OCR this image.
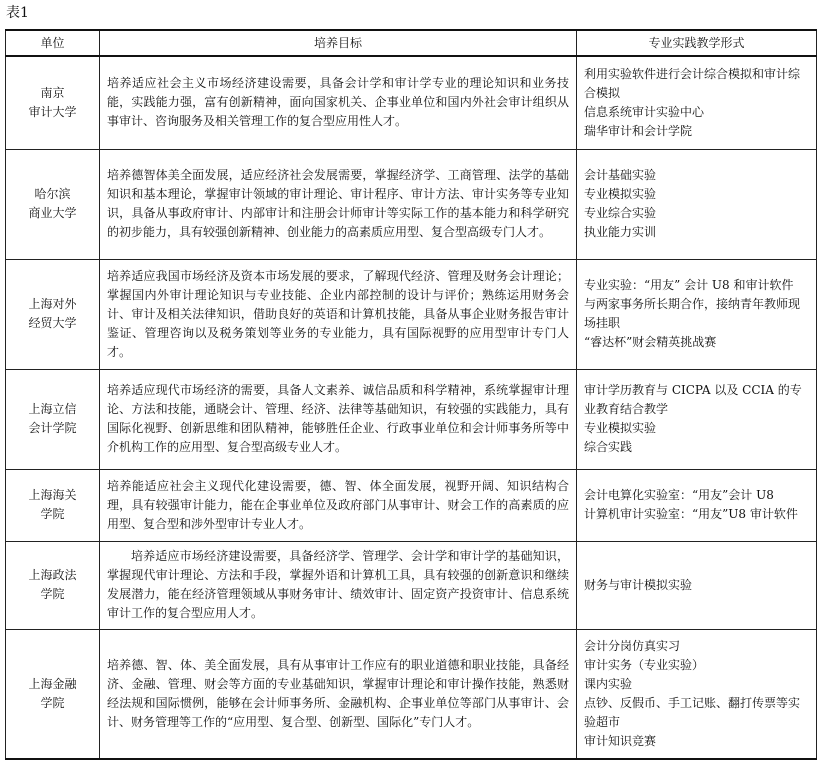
表1
单位	培养目标	专业实践教学形式

南京
审计大学	培养适应社会主义市场经济建设需要，具备会计学和审计学专业的理论知识和业务技能，实践能力强，富有创新精神，面向国家机关、企事业单位和国内外社会审计组织从事审计、咨询服务及相关管理工作的复合型应用性人才。	利用实验软件进行会计综合模拟和审计综合模拟
信息系统审计实验中心
瑞华审计和会计学院

哈尔滨
商业大学	培养德智体美全面发展，适应经济社会发展需要，掌握经济学、工商管理、法学的基础知识和基本理论，掌握审计领域的审计理论、审计程序、审计方法、审计实务等专业知识，具备从事政府审计、内部审计和注册会计师审计等实际工作的基本能力和科学研究的初步能力，具有较强创新精神、创业能力的高素质应用型、复合型高级专门人才。	会计基础实验
专业模拟实验
专业综合实验
执业能力实训

上海对外
经贸大学	培养适应我国市场经济及资本市场发展的要求，了解现代经济、管理及财务会计理论；掌握国内外审计理论知识与专业技能、企业内部控制的设计与评价；熟练运用财务会计、审计及相关法律知识，借助良好的英语和计算机技能，具备从事企业财务报告审计鉴证、管理咨询以及税务策划等业务的专业能力，具有国际视野的应用型审计专门人才。	专业实验：“用友” 会计 U8 和审计软件
与两家事务所长期合作，接纳青年教师现场挂职
“睿达杯”财会精英挑战赛

上海立信
会计学院	培养适应现代市场经济的需要，具备人文素养、诚信品质和科学精神，系统掌握审计理论、方法和技能，通晓会计、管理、经济、法律等基础知识，有较强的实践能力，具有国际化视野、创新思维和团队精神，能够胜任企业、行政事业单位和会计师事务所等中介机构工作的应用型、复合型高级专业人才。	审计学历教育与 CICPA 以及 CCIA 的专业教育结合教学
专业模拟实验
综合实践

上海海关
学院	培养能适应社会主义现代化建设需要，德、智、体全面发展，视野开阔、知识结构合理，具有较强审计能力，能在企事业单位及政府部门从事审计、财会工作的高素质的应用型、复合型和涉外型审计专业人才。	会计电算化实验室：“用友”会计 U8
计算机审计实验室：“用友”U8 审计软件

上海政法
学院	培养适应市场经济建设需要，具备经济学、管理学、会计学和审计学的基础知识，掌握现代审计理论、方法和手段，掌握外语和计算机工具，具有较强的创新意识和继续发展潜力，能在经济管理领域从事财务审计、绩效审计、固定资产投资审计、信息系统审计工作的复合型应用人才。	财务与审计模拟实验

上海金融
学院	培养德、智、体、美全面发展，具有从事审计工作应有的职业道德和职业技能，具备经济、金融、管理、财会等方面的专业基础知识，掌握审计理论和审计操作技能，熟悉财经法规和国际惯例，能够在会计师事务所、金融机构、企事业单位等部门从事审计、会计、财务管理等工作的“应用型、复合型、创新型、国际化”专门人才。	会计分岗仿真实习
审计实务（专业实验）
课内实验
点钞、反假币、手工记账、翻打传票等实验超市
审计知识竞赛
